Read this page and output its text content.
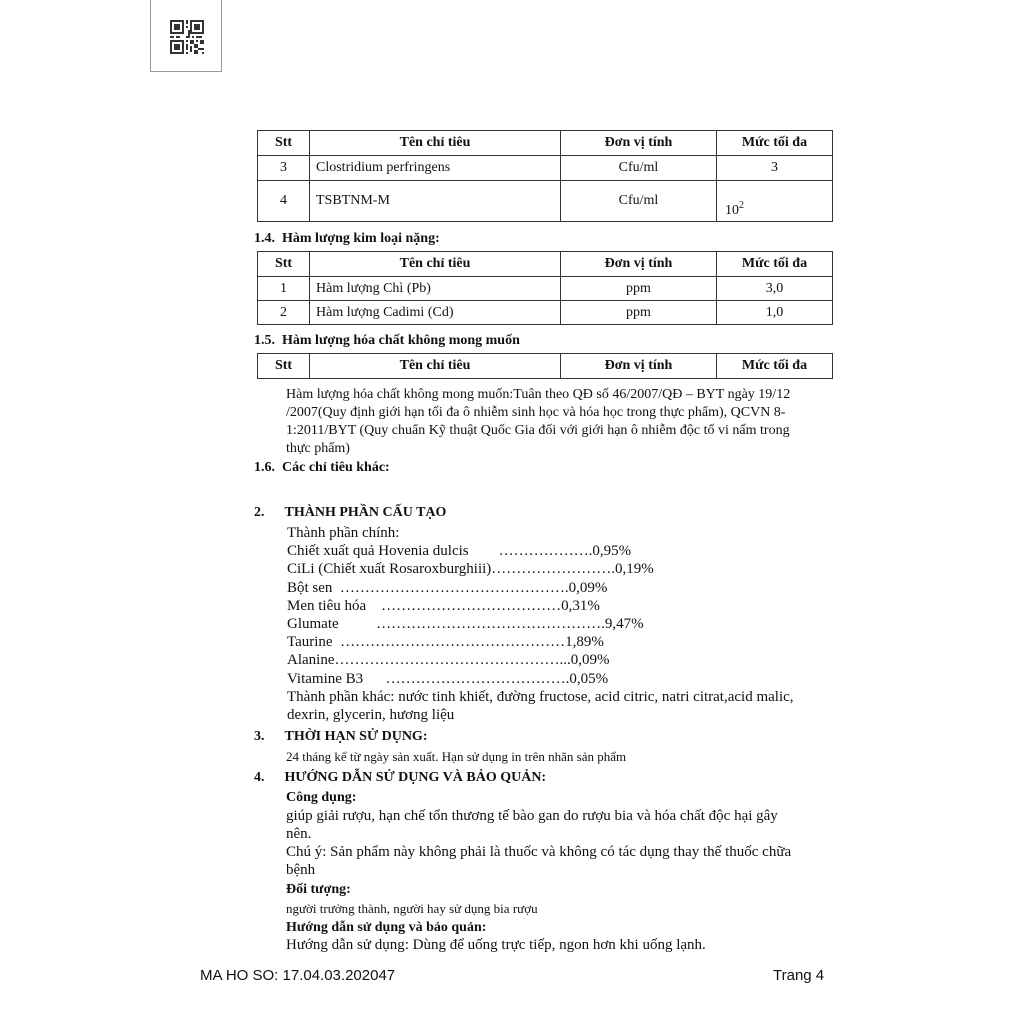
Stt	Tên chỉ tiêu	Đơn vị tính	Mức tối đa
3	Clostridium perfringens	Cfu/ml	3
4	TSBTNM-M	Cfu/ml	$10^2$
1.4. Hàm lượng kim loại nặng:
Stt	Tên chỉ tiêu	Đơn vị tính	Mức tối đa
1	Hàm lượng Chì (Pb)	ppm	3,0
2	Hàm lượng Cadimi (Cd)	ppm	1,0
1.5. Hàm lượng hóa chất không mong muốn
Stt	Tên chỉ tiêu	Đơn vị tính	Mức tối đa
Hàm lượng hóa chất không mong muốn:Tuân theo QĐ số 46/2007/QĐ – BYT ngày 19/12
/2007(Quy định giới hạn tối đa ô nhiễm sinh học và hóa học trong thực phẩm), QCVN 8-
1:2011/BYT (Quy chuẩn Kỹ thuật Quốc Gia đối với giới hạn ô nhiễm độc tố vi nấm trong
thực phẩm)
1.6. Các chỉ tiêu khác:
2. THÀNH PHẦN CẤU TẠO
Thành phần chính:
Chiết xuất quả Hovenia dulcis        ……………….0,95%
CiLi (Chiết xuất Rosaroxburghiii)…………………….0,19%
Bột sen  ……………………………………….0,09%
Men tiêu hóa    ………………………………0,31%
Glumate          ……………………………………….9,47%
Taurine  ………………………………………1,89%
Alanine………………………………………...0,09%
Vitamine B3      ……………………………….0,05%
Thành phần khác: nước tinh khiết, đường fructose, acid citric, natri citrat,acid malic,
dexrin, glycerin, hương liệu
3. THỜI HẠN SỬ DỤNG:
24 tháng kể từ ngày sản xuất. Hạn sử dụng in trên nhãn sản phẩm
4. HƯỚNG DẪN SỬ DỤNG VÀ BẢO QUẢN:
Công dụng:
giúp giải rượu, hạn chế tổn thương tế bào gan do rượu bia và hóa chất độc hại gây
nên.
Chú ý: Sản phẩm này không phải là thuốc và không có tác dụng thay thế thuốc chữa
bệnh
Đối tượng:
người trưởng thành, người hay sử dụng bia rượu
Hướng dẫn sử dụng và bảo quản:
Hướng dẫn sử dụng: Dùng để uống trực tiếp, ngon hơn khi uống lạnh.
MA HO SO: 17.04.03.202047	Trang 4
